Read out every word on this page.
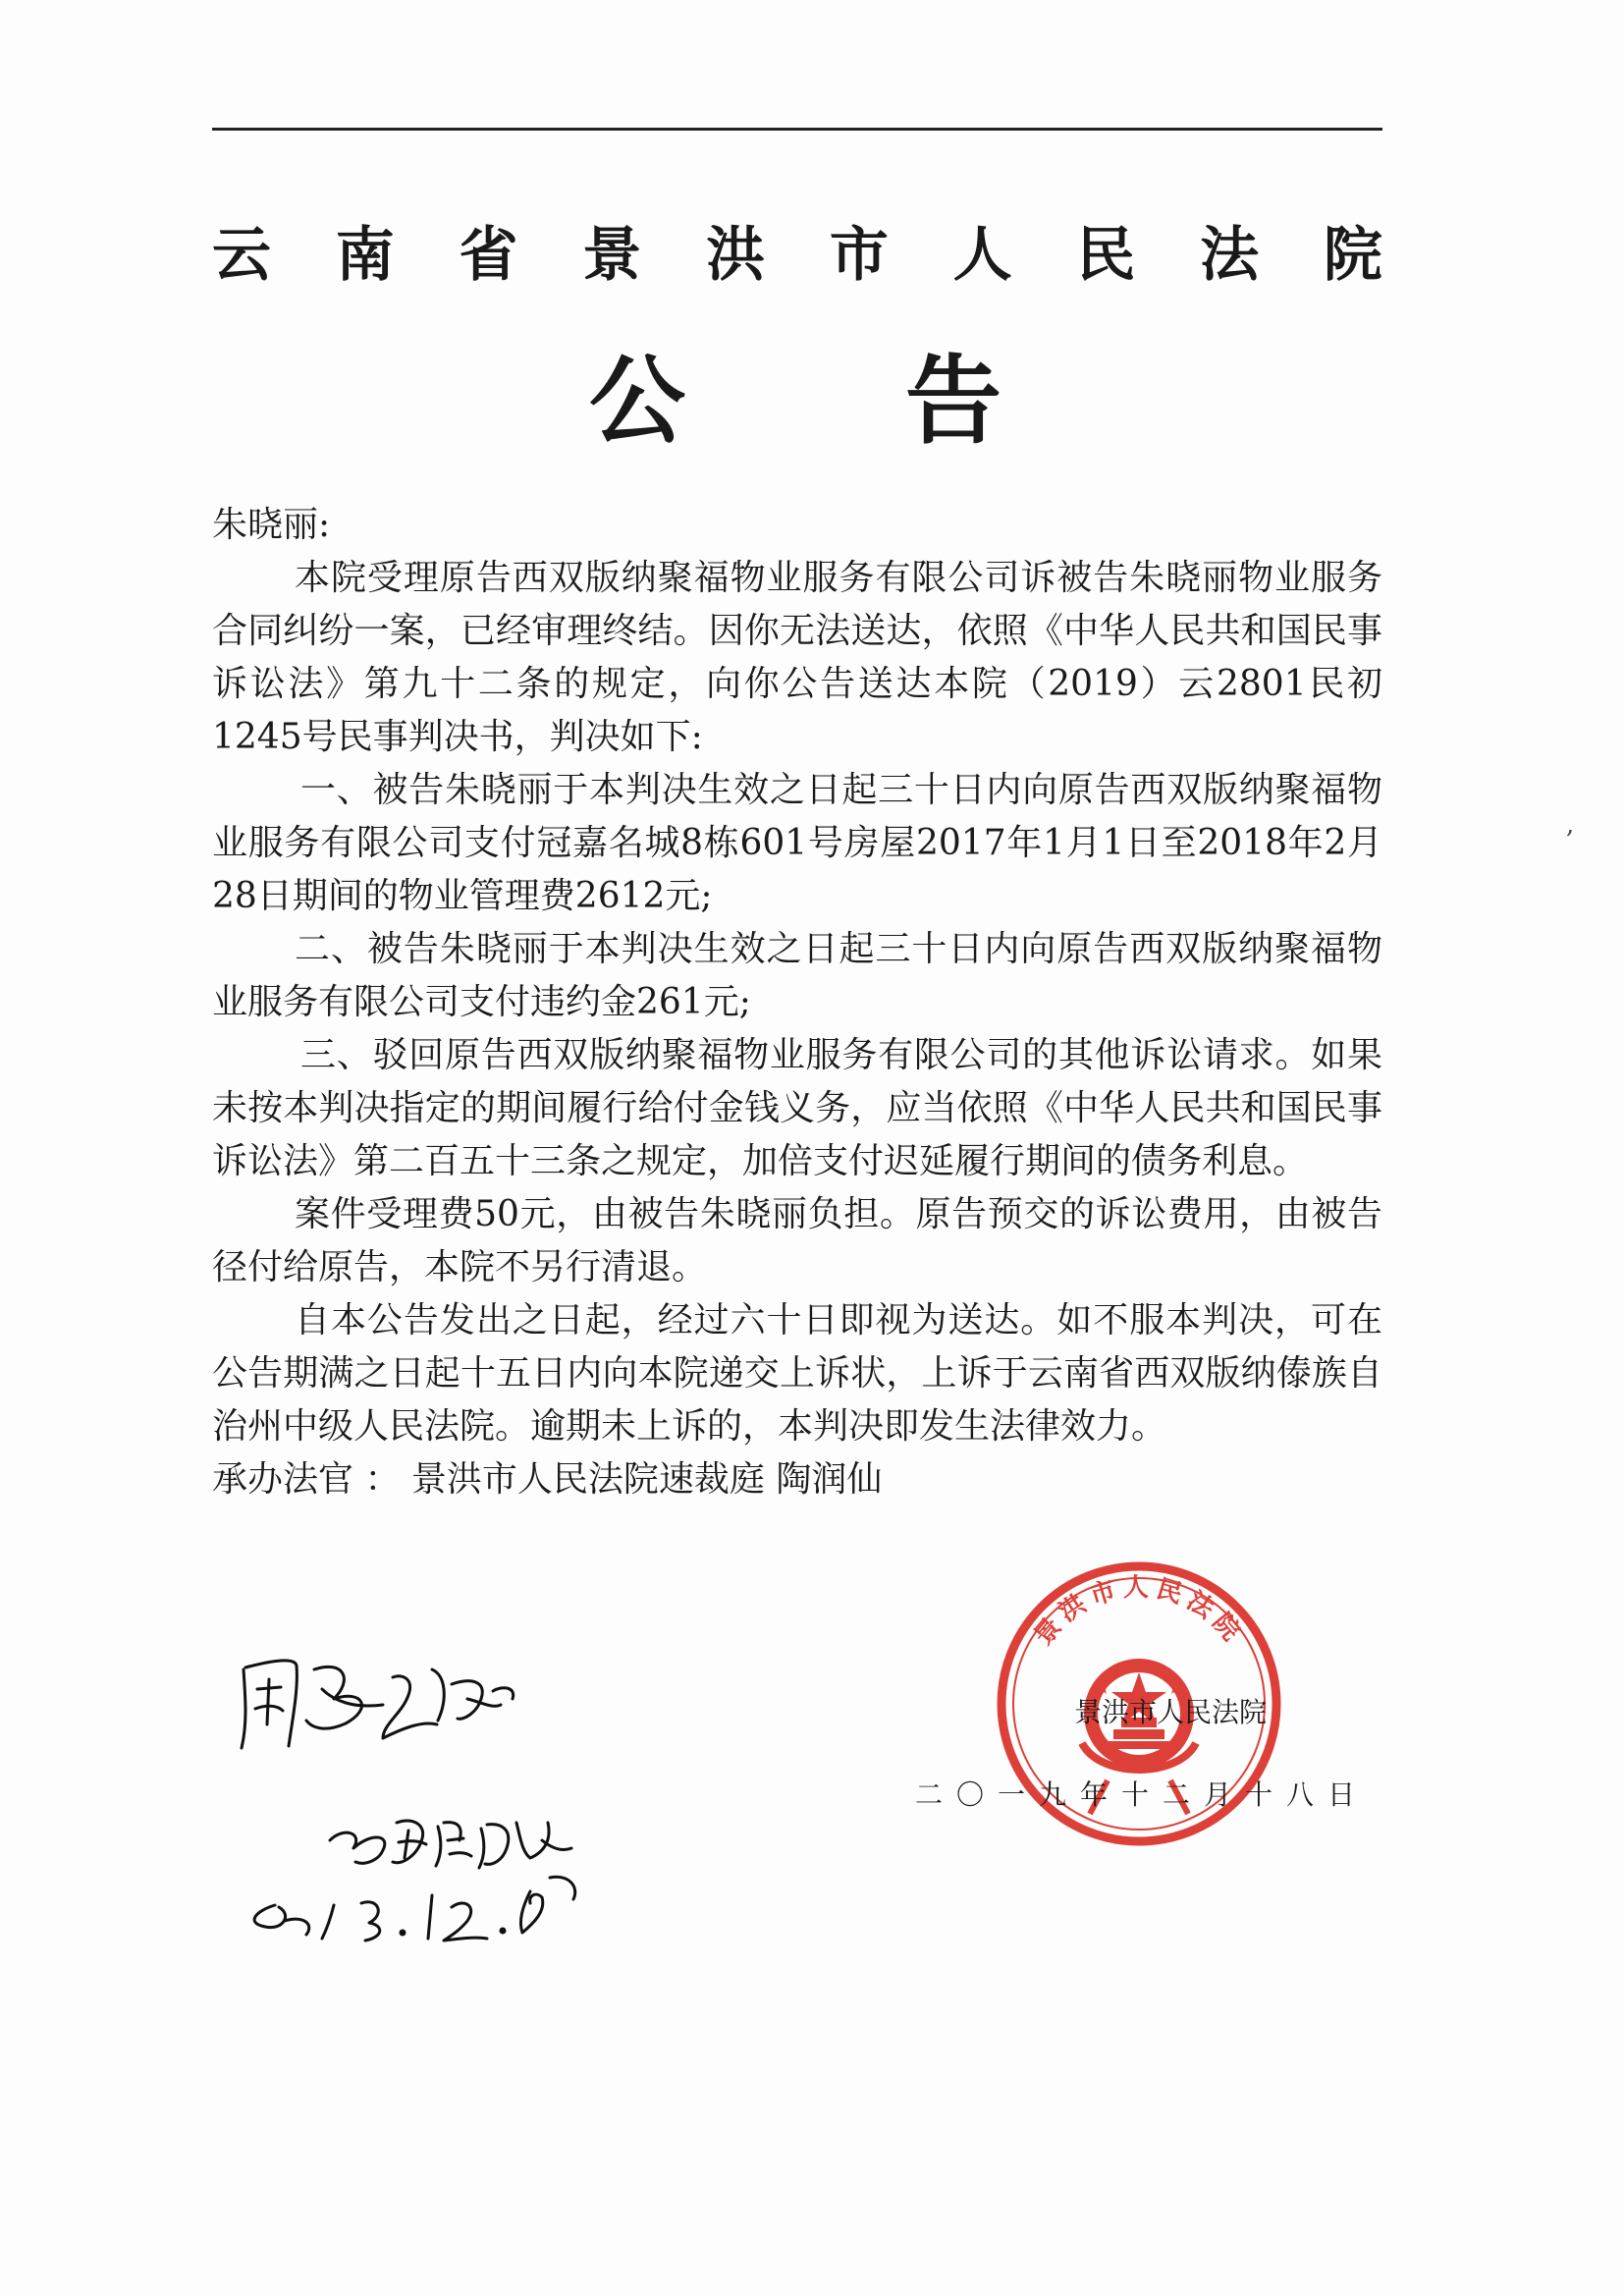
云 南 省 景 洪 市 人 民 法 院
公 告

朱晓丽:

本院受理原告西双版纳聚福物业服务有限公司诉被告朱晓丽物业服务合同纠纷一案，已经审理终结。因你无法送达，依照《中华人民共和国民事诉讼法》第九十二条的规定，向你公告送达本院（2019）云2801民初1245号民事判决书，判决如下:

一、被告朱晓丽于本判决生效之日起三十日内向原告西双版纳聚福物业服务有限公司支付冠嘉名城8栋601号房屋2017年1月1日至2018年2月28日期间的物业管理费2612元;

二、被告朱晓丽于本判决生效之日起三十日内向原告西双版纳聚福物业服务有限公司支付违约金261元;

三、驳回原告西双版纳聚福物业服务有限公司的其他诉讼请求。如果未按本判决指定的期间履行给付金钱义务，应当依照《中华人民共和国民事诉讼法》第二百五十三条之规定，加倍支付迟延履行期间的债务利息。

案件受理费50元，由被告朱晓丽负担。原告预交的诉讼费用，由被告径付给原告，本院不另行清退。

自本公告发出之日起，经过六十日即视为送达。如不服本判决，可在公告期满之日起十五日内向本院递交上诉状，上诉于云南省西双版纳傣族自治州中级人民法院。逾期未上诉的，本判决即发生法律效力。

承办法官 ： 景洪市人民法院速裁庭 陶润仙

景洪市人民法院
景洪市人民法院
二〇一九年十二月十八日
,
